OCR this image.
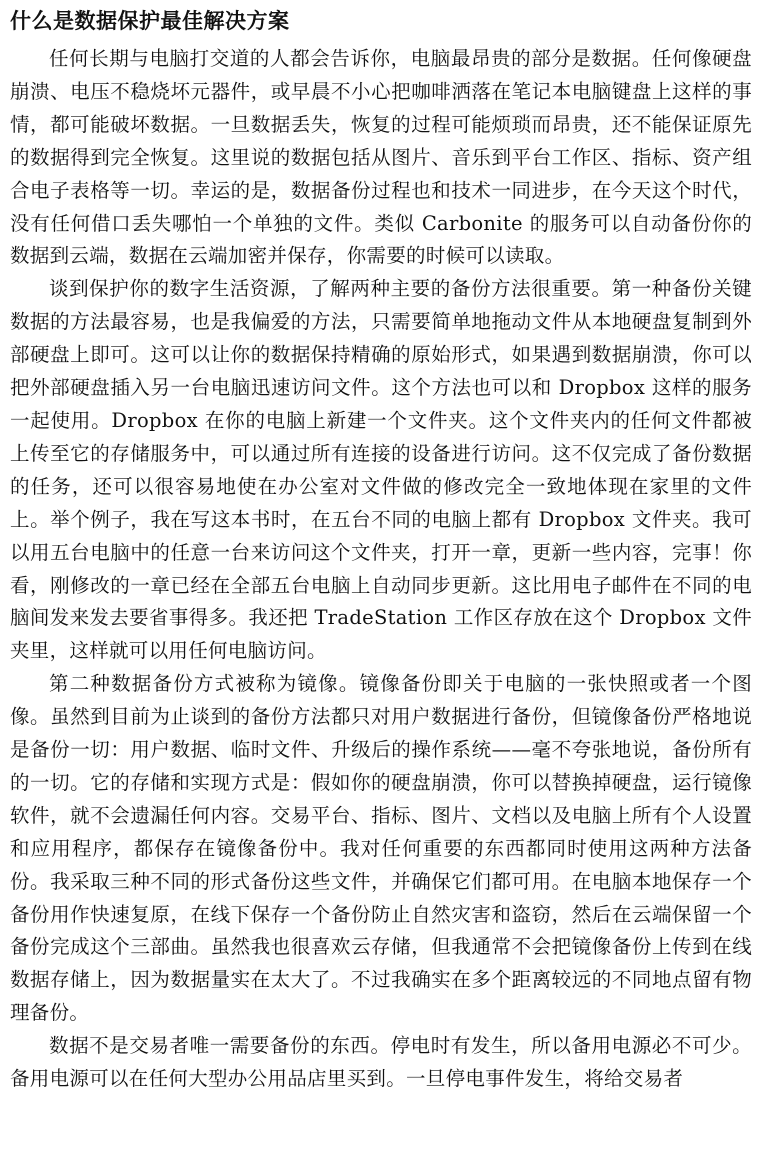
什么是数据保护最佳解决方案

任何长期与电脑打交道的人都会告诉你，电脑最昂贵的部分是数据。任何像硬盘崩溃、电压不稳烧坏元器件，或早晨不小心把咖啡洒落在笔记本电脑键盘上这样的事情，都可能破坏数据。一旦数据丢失，恢复的过程可能烦琐而昂贵，还不能保证原先的数据得到完全恢复。这里说的数据包括从图片、音乐到平台工作区、指标、资产组合电子表格等一切。幸运的是，数据备份过程也和技术一同进步，在今天这个时代，没有任何借口丢失哪怕一个单独的文件。类似 Carbonite 的服务可以自动备份你的数据到云端，数据在云端加密并保存，你需要的时候可以读取。

谈到保护你的数字生活资源，了解两种主要的备份方法很重要。第一种备份关键数据的方法最容易，也是我偏爱的方法，只需要简单地拖动文件从本地硬盘复制到外部硬盘上即可。这可以让你的数据保持精确的原始形式，如果遇到数据崩溃，你可以把外部硬盘插入另一台电脑迅速访问文件。这个方法也可以和 Dropbox 这样的服务一起使用。Dropbox 在你的电脑上新建一个文件夹。这个文件夹内的任何文件都被上传至它的存储服务中，可以通过所有连接的设备进行访问。这不仅完成了备份数据的任务，还可以很容易地使在办公室对文件做的修改完全一致地体现在家里的文件上。举个例子，我在写这本书时，在五台不同的电脑上都有 Dropbox 文件夹。我可以用五台电脑中的任意一台来访问这个文件夹，打开一章，更新一些内容，完事！你看，刚修改的一章已经在全部五台电脑上自动同步更新。这比用电子邮件在不同的电脑间发来发去要省事得多。我还把 TradeStation 工作区存放在这个 Dropbox 文件夹里，这样就可以用任何电脑访问。

第二种数据备份方式被称为镜像。镜像备份即关于电脑的一张快照或者一个图像。虽然到目前为止谈到的备份方法都只对用户数据进行备份，但镜像备份严格地说是备份一切：用户数据、临时文件、升级后的操作系统——毫不夸张地说，备份所有的一切。它的存储和实现方式是：假如你的硬盘崩溃，你可以替换掉硬盘，运行镜像软件，就不会遗漏任何内容。交易平台、指标、图片、文档以及电脑上所有个人设置和应用程序，都保存在镜像备份中。我对任何重要的东西都同时使用这两种方法备份。我采取三种不同的形式备份这些文件，并确保它们都可用。在电脑本地保存一个备份用作快速复原，在线下保存一个备份防止自然灾害和盗窃，然后在云端保留一个备份完成这个三部曲。虽然我也很喜欢云存储，但我通常不会把镜像备份上传到在线数据存储上，因为数据量实在太大了。不过我确实在多个距离较远的不同地点留有物理备份。

数据不是交易者唯一需要备份的东西。停电时有发生，所以备用电源必不可少。备用电源可以在任何大型办公用品店里买到。一旦停电事件发生，将给交易者
